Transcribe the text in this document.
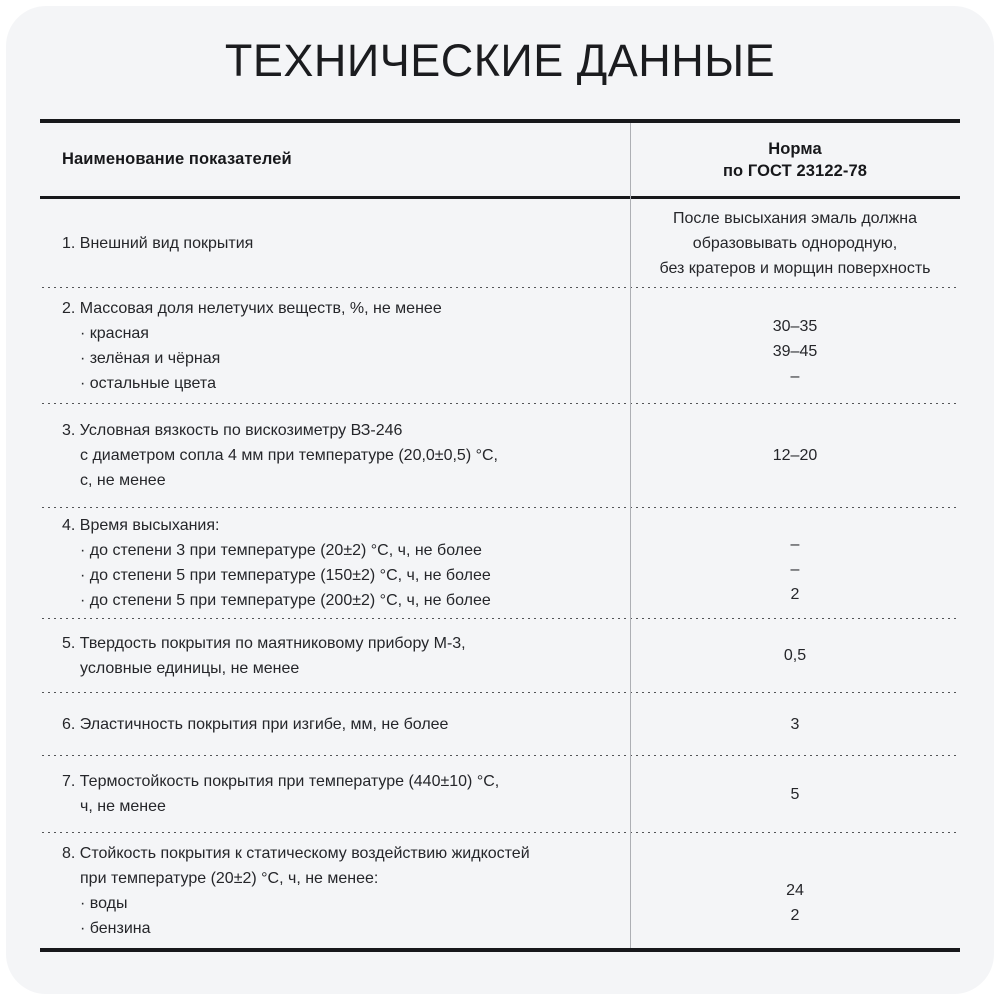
ТЕХНИЧЕСКИЕ ДАННЫЕ
Наименование показателей
Норма
по ГОСТ 23122-78
1. Внешний вид покрытия
После высыхания эмаль должна
образовывать однородную,
без кратеров и морщин поверхность
2. Массовая доля нелетучих веществ, %, не менее
· красная
· зелёная и чёрная
· остальные цвета
30–35
39–45
–
3. Условная вязкость по вискозиметру ВЗ-246
с диаметром сопла 4 мм при температуре (20,0±0,5) °С,
с, не менее
12–20
4. Время высыхания:
· до степени 3 при температуре (20±2) °С, ч, не более
· до степени 5 при температуре (150±2) °С, ч, не более
· до степени 5 при температуре (200±2) °С, ч, не более
–
–
2
5. Твердость покрытия по маятниковому прибору М-3,
условные единицы, не менее
0,5
6. Эластичность покрытия при изгибе, мм, не более	3
7. Термостойкость покрытия при температуре (440±10) °С,
ч, не менее
5
8. Стойкость покрытия к статическому воздействию жидкостей
при температуре (20±2) °С, ч, не менее:
· воды
· бензина
24
2
